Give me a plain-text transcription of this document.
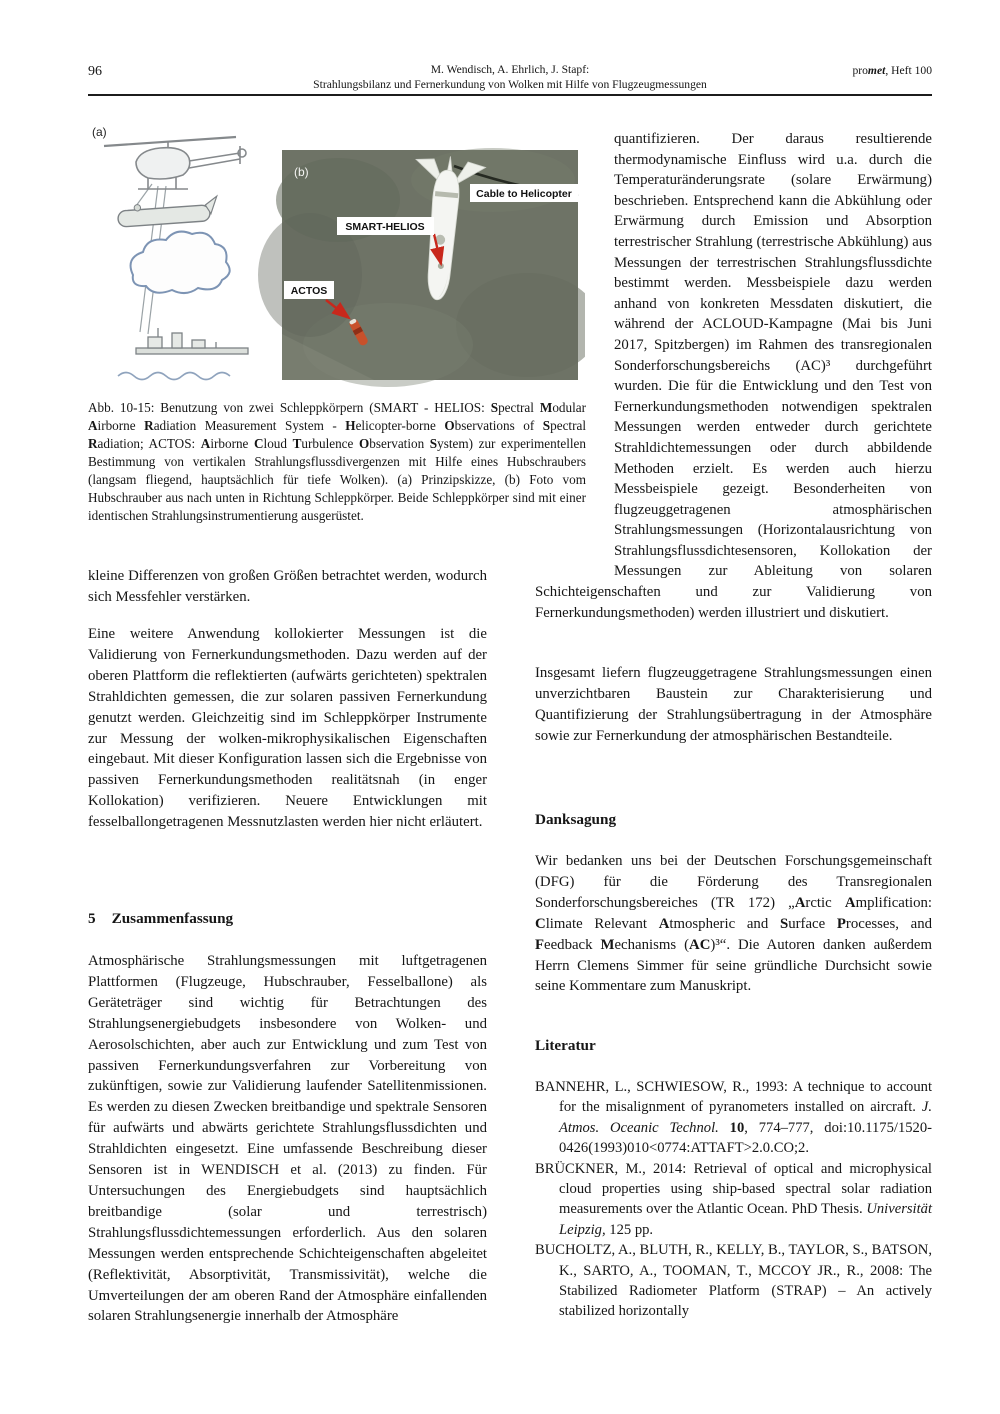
96	M. Wendisch, A. Ehrlich, J. Stapf:
Strahlungsbilanz und Fernerkundung von Wolken mit Hilfe von Flugzeugmessungen
promet, Heft 100
(a)
(b)
SMART-HELIOS
ACTOS
Cable to Helicopter
Abb. 10-15: Benutzung von zwei Schleppkörpern (SMART - HELIOS: Spectral Modular Airborne Radiation Measurement System - Helicopter-borne Observations of Spectral Radiation; ACTOS: Airborne Cloud Turbulence Observation System) zur experimentellen Bestimmung von vertikalen Strahlungsflussdivergenzen mit Hilfe eines Hubschraubers (langsam fliegend, hauptsächlich für tiefe Wolken). (a) Prinzipskizze, (b) Foto vom Hubschrauber aus nach unten in Richtung Schleppkörper. Beide Schleppkörper sind mit einer identischen Strahlungsinstrumentierung ausgerüstet.
kleine Differenzen von großen Größen betrachtet werden, wodurch sich Messfehler verstärken.
Eine weitere Anwendung kollokierter Messungen ist die Validierung von Fernerkundungsmethoden. Dazu werden auf der oberen Plattform die reflektierten (aufwärts gerichteten) spektralen Strahldichten gemessen, die zur solaren passiven Fernerkundung genutzt werden. Gleichzeitig sind im Schleppkörper Instrumente zur Messung der wolken-mikrophysikalischen Eigenschaften eingebaut. Mit dieser Konfiguration lassen sich die Ergebnisse von passiven Fernerkundungsmethoden realitätsnah (in enger Kollokation) verifizieren. Neuere Entwicklungen mit fesselballongetragenen Messnutzlasten werden hier nicht erläutert.
5 Zusammenfassung
Atmosphärische Strahlungsmessungen mit luftgetragenen Plattformen (Flugzeuge, Hubschrauber, Fesselballone) als Geräteträger sind wichtig für Betrachtungen des Strahlungsenergiebudgets insbesondere von Wolken- und Aerosolschichten, aber auch zur Entwicklung und zum Test von passiven Fernerkundungsverfahren zur Vorbereitung von zukünftigen, sowie zur Validierung laufender Satellitenmissionen. Es werden zu diesen Zwecken breitbandige und spektrale Sensoren für aufwärts und abwärts gerichtete Strahlungsflussdichten und Strahldichten eingesetzt. Eine umfassende Beschreibung dieser Sensoren ist in WENDISCH et al. (2013) zu finden. Für Untersuchungen des Energiebudgets sind hauptsächlich breitbandige (solar und terrestrisch) Strahlungsflussdichtemessungen erforderlich. Aus den solaren Messungen werden entsprechende Schichteigenschaften abgeleitet (Reflektivität, Absorptivität, Transmissivität), welche die Umverteilungen der am oberen Rand der Atmosphäre einfallenden solaren Strahlungsenergie innerhalb der Atmosphäre
quantifizieren. Der daraus resultierende thermodynamische Einfluss wird u.a. durch die Temperaturänderungsrate (solare Erwärmung) beschrieben. Entsprechend kann die Abkühlung oder Erwärmung durch Emission und Absorption terrestrischer Strahlung (terrestrische Abkühlung) aus Messungen der terrestrischen Strahlungsflussdichte bestimmt werden. Messbeispiele dazu werden anhand von konkreten Messdaten diskutiert, die während der ACLOUD-Kampagne (Mai bis Juni 2017, Spitzbergen) im Rahmen des transregionalen Sonderforschungsbereichs (AC)³ durchgeführt wurden. Die für die Entwicklung und den Test von Fernerkundungsmethoden notwendigen spektralen Messungen werden entweder durch gerichtete Strahldichtemessungen oder durch abbildende Methoden erzielt. Es werden auch hierzu Messbeispiele gezeigt. Besonderheiten von flugzeuggetragenen atmosphärischen Strahlungsmessungen (Horizontalausrichtung von Strahlungsflussdichtesensoren, Kollokation der Messungen zur Ableitung von solaren Schichteigenschaften und zur Validierung von Fernerkundungsmethoden) werden illustriert und diskutiert.
Insgesamt liefern flugzeuggetragene Strahlungsmessungen einen unverzichtbaren Baustein zur Charakterisierung und Quantifizierung der Strahlungsübertragung in der Atmosphäre sowie zur Fernerkundung der atmosphärischen Bestandteile.
Danksagung
Wir bedanken uns bei der Deutschen Forschungsgemeinschaft (DFG) für die Förderung des Transregionalen Sonderforschungsbereiches (TR 172) „Arctic Amplification: Climate Relevant Atmospheric and Surface Processes, and Feedback Mechanisms (AC)³“. Die Autoren danken außerdem Herrn Clemens Simmer für seine gründliche Durchsicht sowie seine Kommentare zum Manuskript.
Literatur
BANNEHR, L., SCHWIESOW, R., 1993: A technique to account for the misalignment of pyranometers installed on aircraft. J. Atmos. Oceanic Technol. 10, 774–777, doi:10.1175/1520-0426(1993)010<0774:ATTAFT>2.0.CO;2.
BRÜCKNER, M., 2014: Retrieval of optical and microphysical cloud properties using ship-based spectral solar radiation measurements over the Atlantic Ocean. PhD Thesis. Universität Leipzig, 125 pp.
BUCHOLTZ, A., BLUTH, R., KELLY, B., TAYLOR, S., BATSON, K., SARTO, A., TOOMAN, T., MCCOY JR., R., 2008: The Stabilized Radiometer Platform (STRAP) – An actively stabilized horizontally
